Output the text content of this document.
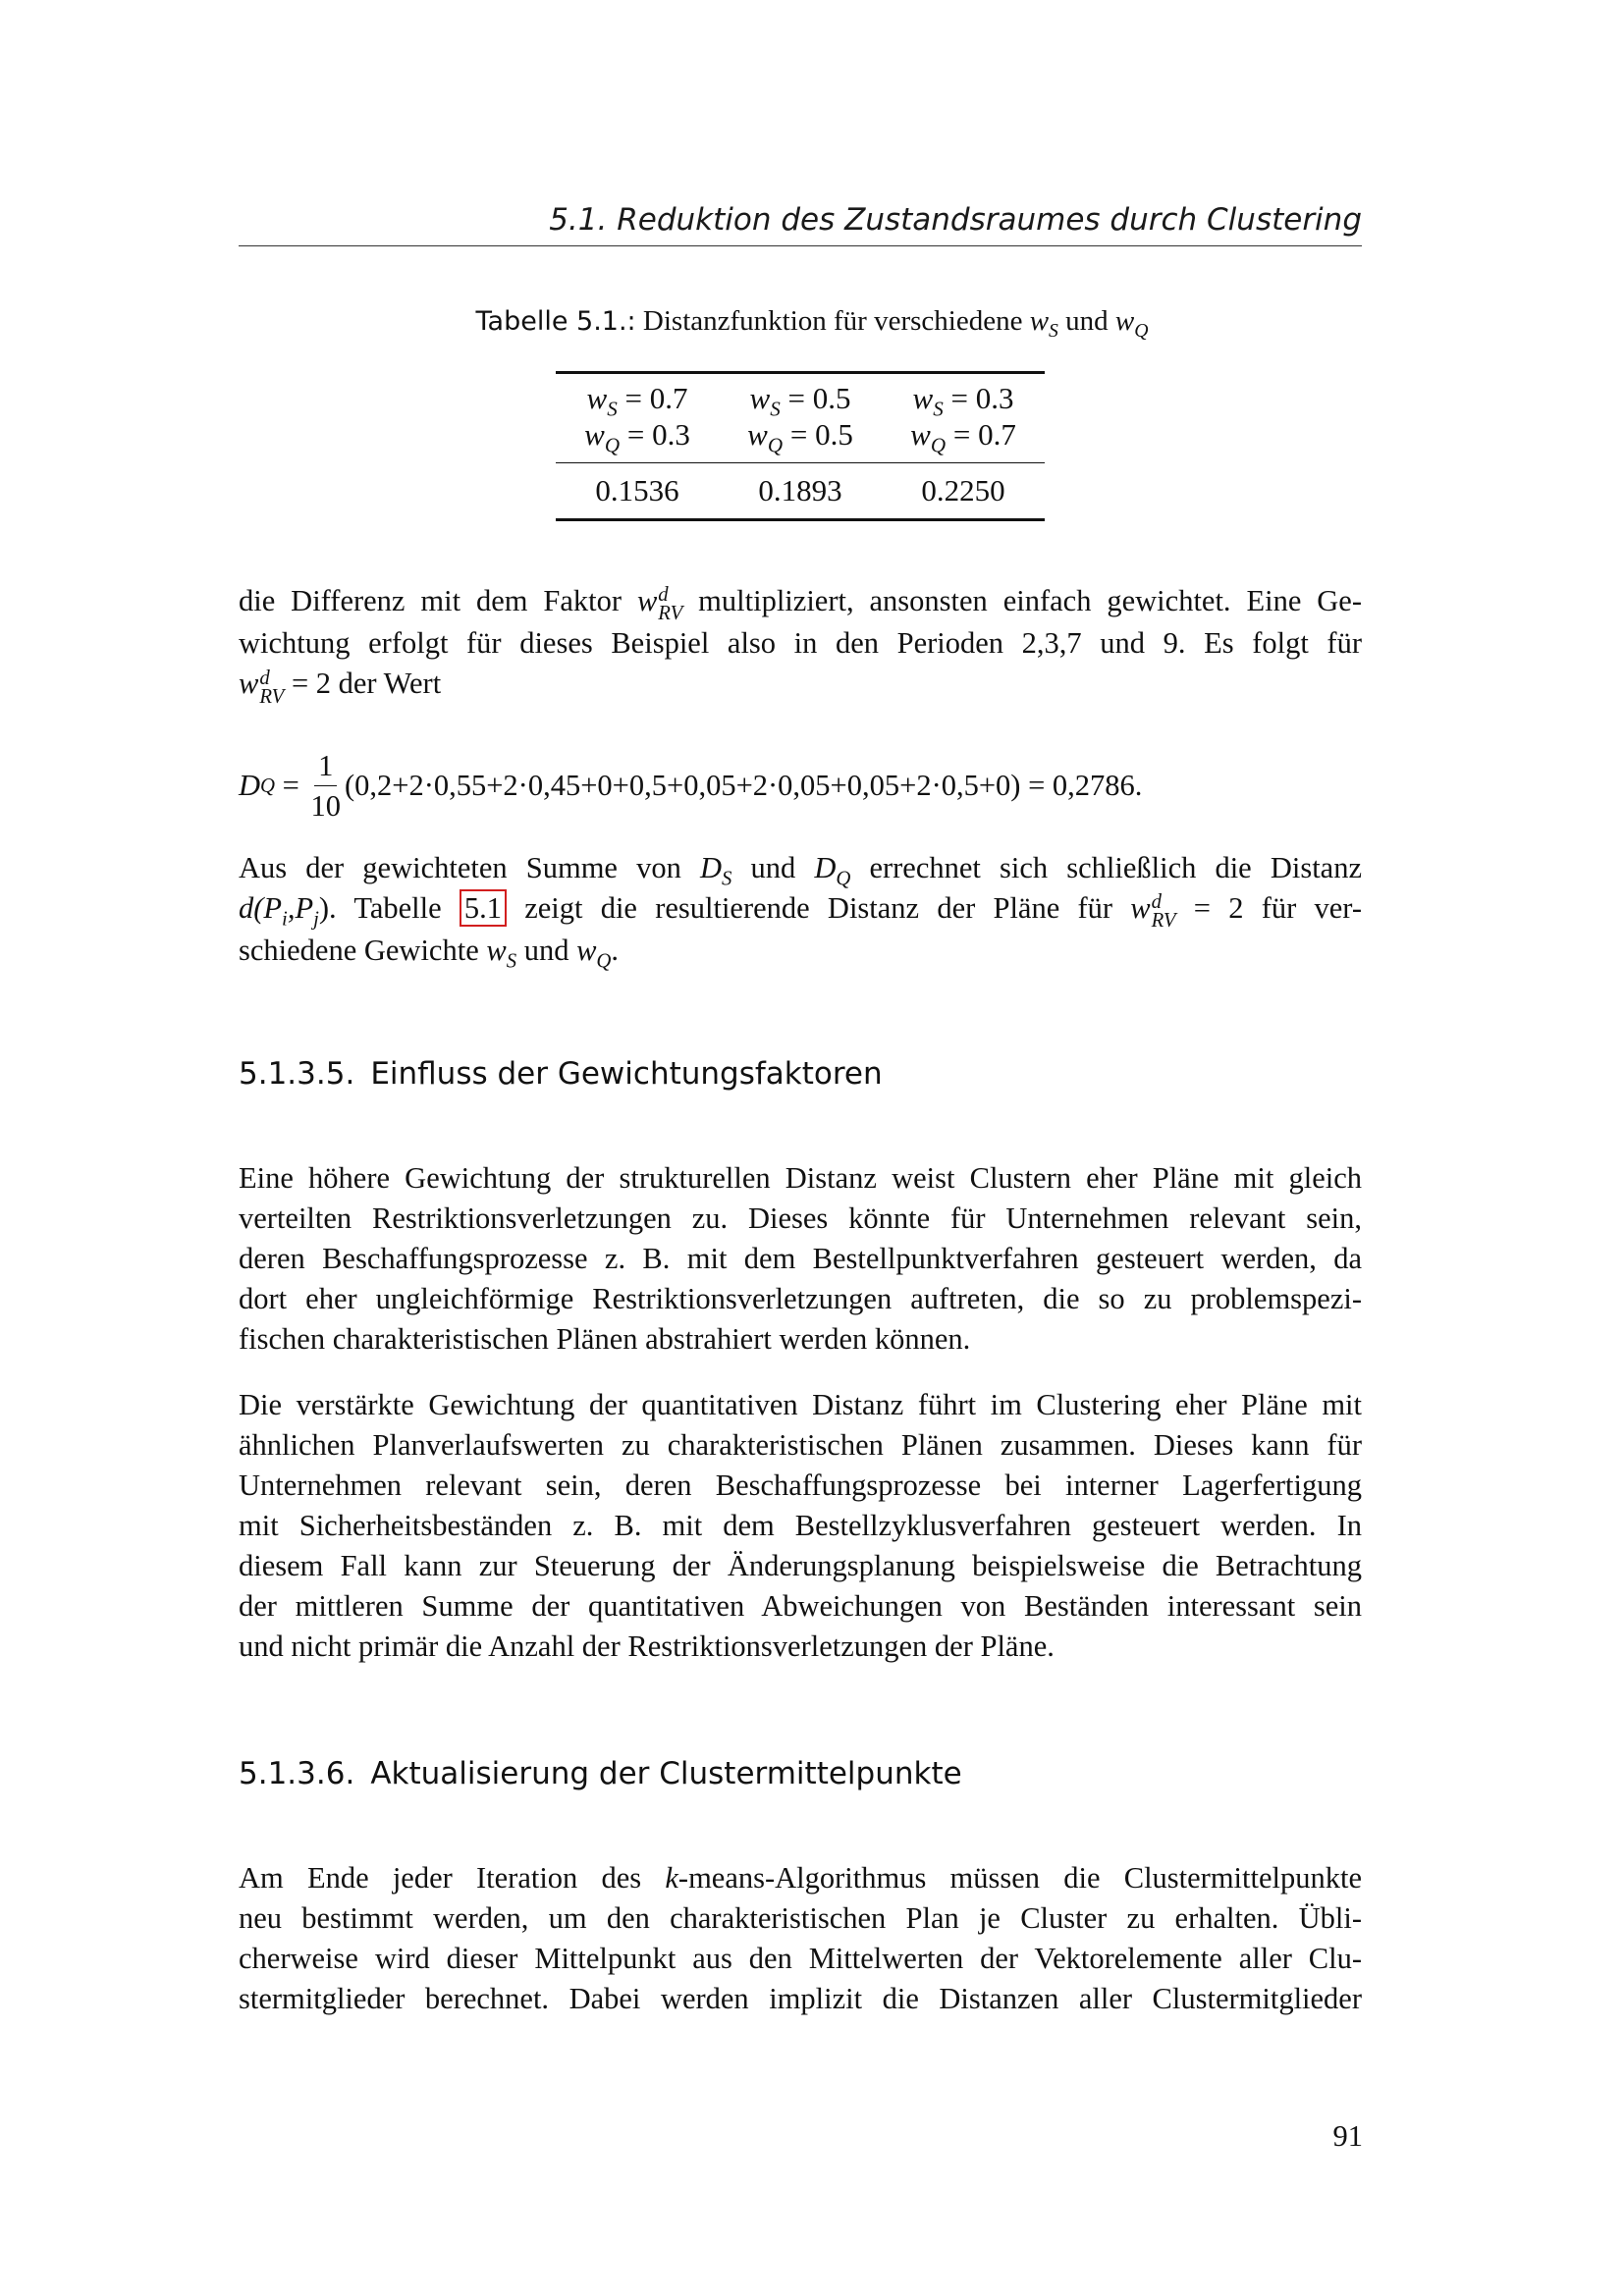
5.1. Reduktion des Zustandsraumes durch Clustering
Tabelle 5.1.: Distanzfunktion für verschiedene $w_S$ und $w_Q$
$w_S = 0.7$	$w_S = 0.5$	$w_S = 0.3$
$w_Q = 0.3$	$w_Q = 0.5$	$w_Q = 0.7$
0.1536	0.1893	0.2250
die Differenz mit dem Faktor w d
RV multipliziert, ansonsten einfach gewichtet. Eine Ge-
wichtung erfolgt für dieses Beispiel also in den Perioden 2,3,7 und 9. Es folgt für
w d
RV = 2 der Wert
D $Q = \frac{1}{10} (0,2+2\cdot 0,55+2\cdot 0,45+0+0,5+0,05+2\cdot 0,05+0,05+2\cdot 0,5+0) = 0,2786$.
Aus der gewichteten Summe von $D_S$ und $D_Q$ errechnet sich schließlich die Distanz
$d(P_i,P_j)$. Tabelle 5.1 zeigt die resultierende Distanz der Pläne für w d
RV = 2 für ver-
schiedene Gewichte $w_S$ und $w_Q$.
5.1.3.5. Einfluss der Gewichtungsfaktoren
Eine höhere Gewichtung der strukturellen Distanz weist Clustern eher Pläne mit gleich
verteilten Restriktionsverletzungen zu. Dieses könnte für Unternehmen relevant sein,
deren Beschaffungsprozesse z. B. mit dem Bestellpunktverfahren gesteuert werden, da
dort eher ungleichförmige Restriktionsverletzungen auftreten, die so zu problemspezi-
fischen charakteristischen Plänen abstrahiert werden können.
Die verstärkte Gewichtung der quantitativen Distanz führt im Clustering eher Pläne mit
ähnlichen Planverlaufswerten zu charakteristischen Plänen zusammen. Dieses kann für
Unternehmen relevant sein, deren Beschaffungsprozesse bei interner Lagerfertigung
mit Sicherheitsbeständen z. B. mit dem Bestellzyklusverfahren gesteuert werden. In
diesem Fall kann zur Steuerung der Änderungsplanung beispielsweise die Betrachtung
der mittleren Summe der quantitativen Abweichungen von Beständen interessant sein
und nicht primär die Anzahl der Restriktionsverletzungen der Pläne.
5.1.3.6. Aktualisierung der Clustermittelpunkte
Am Ende jeder Iteration des k-means-Algorithmus müssen die Clustermittelpunkte
neu bestimmt werden, um den charakteristischen Plan je Cluster zu erhalten. Übli-
cherweise wird dieser Mittelpunkt aus den Mittelwerten der Vektorelemente aller Clu-
stermitglieder berechnet. Dabei werden implizit die Distanzen aller Clustermitglieder
91
